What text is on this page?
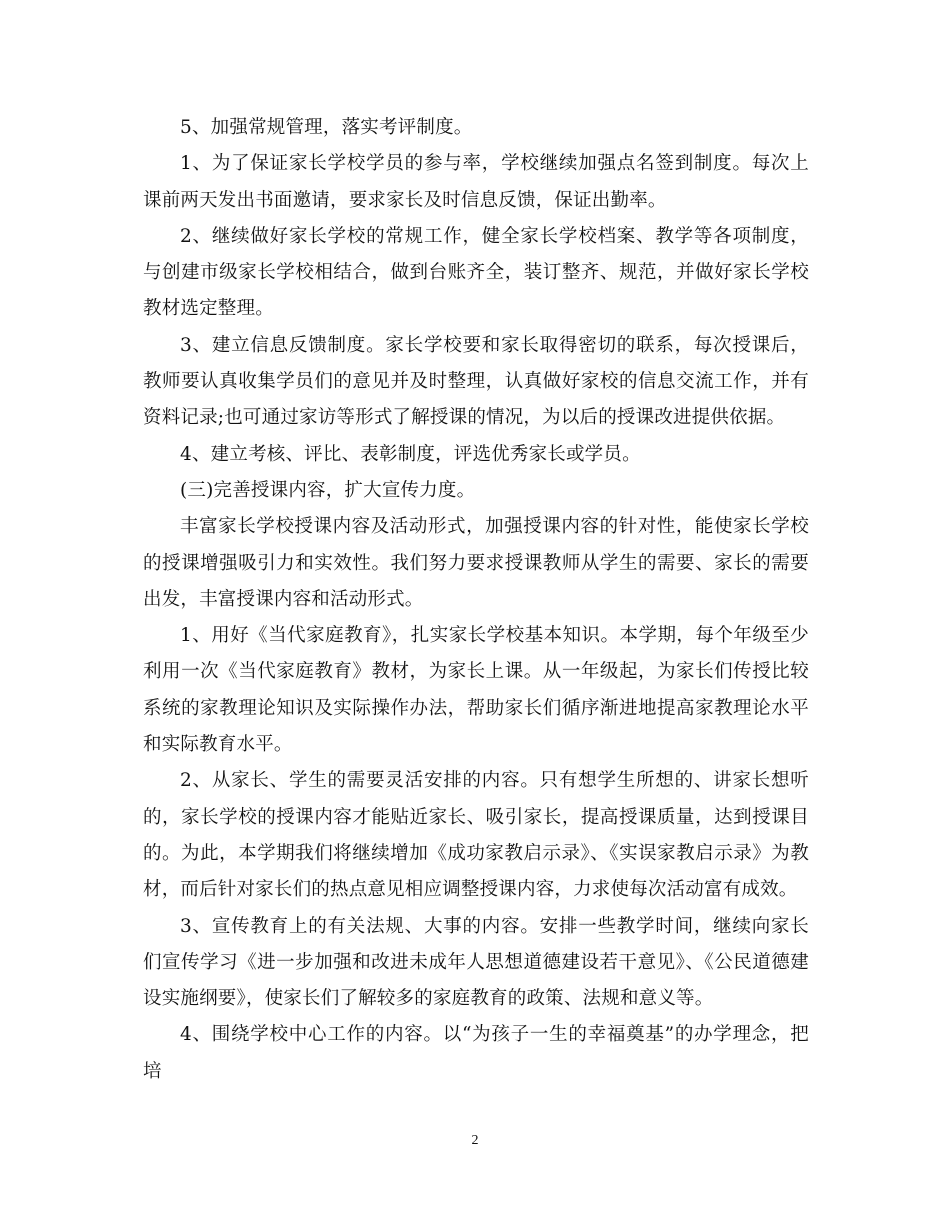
5、加强常规管理，落实考评制度。

1、为了保证家长学校学员的参与率，学校继续加强点名签到制度。每次上课前两天发出书面邀请，要求家长及时信息反馈，保证出勤率。

2、继续做好家长学校的常规工作，健全家长学校档案、教学等各项制度，与创建市级家长学校相结合，做到台账齐全，装订整齐、规范，并做好家长学校教材选定整理。

3、建立信息反馈制度。家长学校要和家长取得密切的联系，每次授课后，教师要认真收集学员们的意见并及时整理，认真做好家校的信息交流工作，并有资料记录;也可通过家访等形式了解授课的情况，为以后的授课改进提供依据。

4、建立考核、评比、表彰制度，评选优秀家长或学员。

(三)完善授课内容，扩大宣传力度。

丰富家长学校授课内容及活动形式，加强授课内容的针对性，能使家长学校的授课增强吸引力和实效性。我们努力要求授课教师从学生的需要、家长的需要出发，丰富授课内容和活动形式。

1、用好《当代家庭教育》，扎实家长学校基本知识。本学期，每个年级至少利用一次《当代家庭教育》教材，为家长上课。从一年级起，为家长们传授比较系统的家教理论知识及实际操作办法，帮助家长们循序渐进地提高家教理论水平和实际教育水平。

2、从家长、学生的需要灵活安排的内容。只有想学生所想的、讲家长想听的，家长学校的授课内容才能贴近家长、吸引家长，提高授课质量，达到授课目的。为此，本学期我们将继续增加《成功家教启示录》、《实误家教启示录》为教材，而后针对家长们的热点意见相应调整授课内容，力求使每次活动富有成效。

3、宣传教育上的有关法规、大事的内容。安排一些教学时间，继续向家长们宣传学习《进一步加强和改进未成年人思想道德建设若干意见》、《公民道德建设实施纲要》，使家长们了解较多的家庭教育的政策、法规和意义等。

4、围绕学校中心工作的内容。以“为孩子一生的幸福奠基”的办学理念，把培

2
